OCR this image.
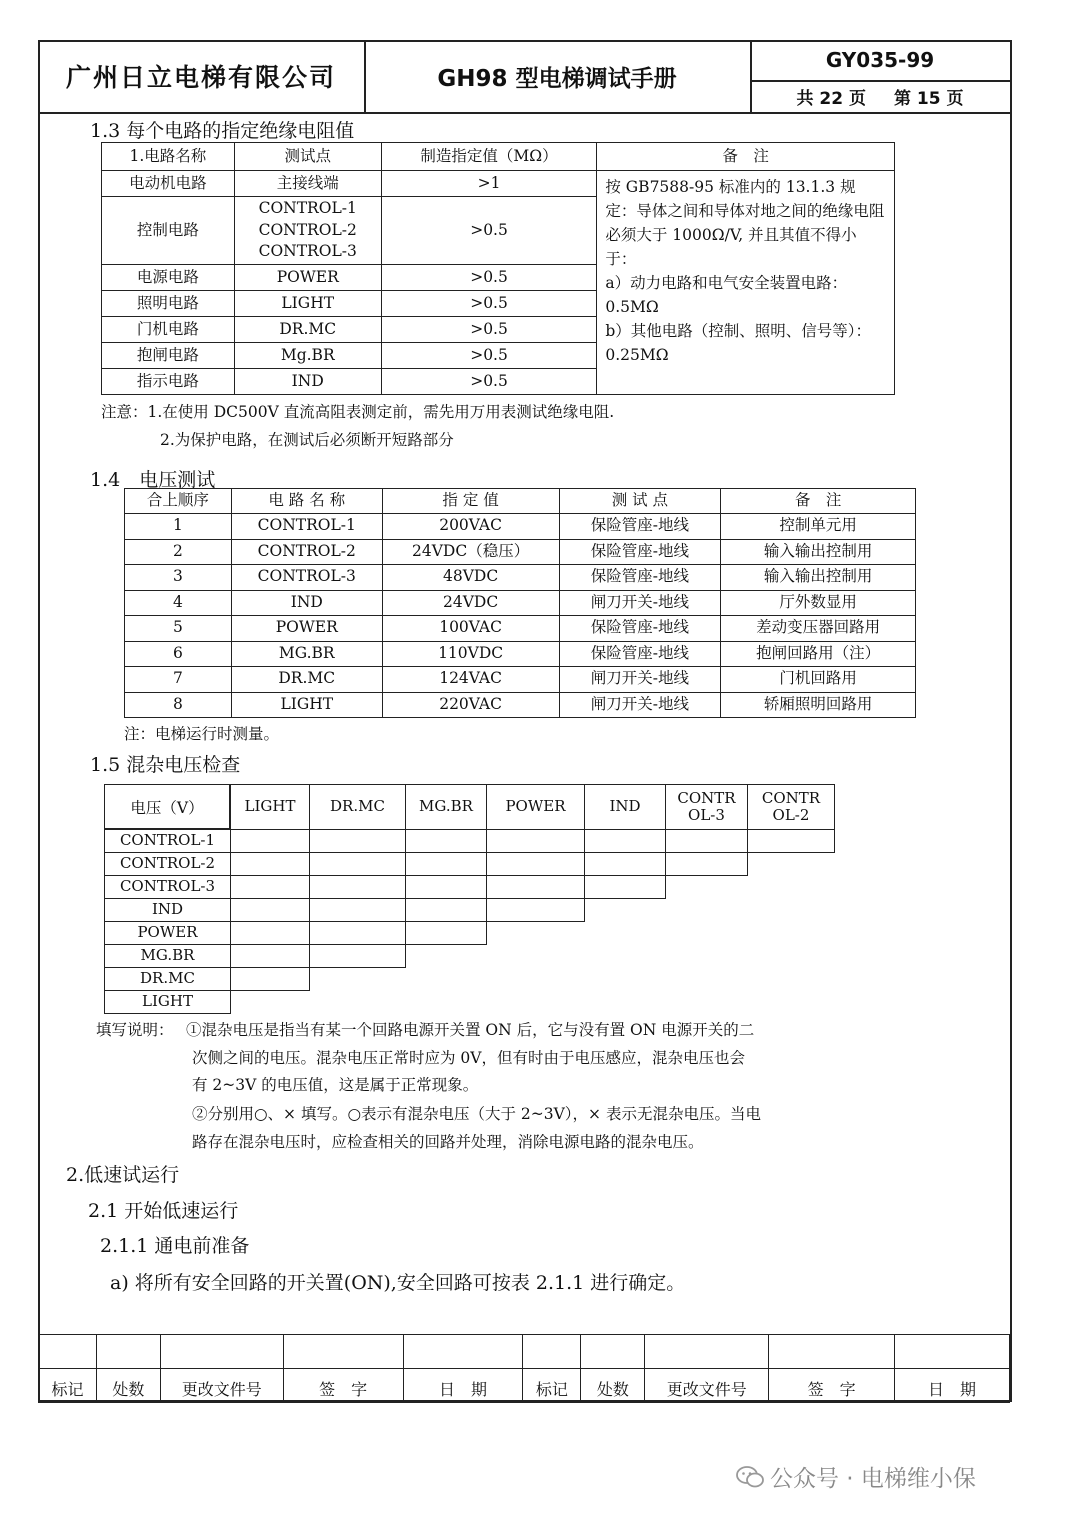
广州日立电梯有限公司	GH98 型电梯调试手册
GY035-99
共 22 页 第 15 页
1.3 每个电路的指定绝缘电阻值
1.电路名称	测试点	制造指定值（MΩ）	备　注
电动机电路	主接线端	>1	按 GB7588-95 标准内的 13.1.3 规定：导体之间和导体对地之间的绝缘电阻必须大于 1000Ω/V, 并且其值不得小于：
a）动力电路和电气安全装置电路：0.5MΩ
b）其他电路（控制、照明、信号等）：0.25MΩ
控制电路	CONTROL-1
CONTROL-2
CONTROL-3	>0.5	
电源电路	POWER	>0.5	
照明电路	LIGHT	>0.5	
门机电路	DR.MC	>0.5	
抱闸电路	Mg.BR	>0.5	
指示电路	IND	>0.5	
注意：1.在使用 DC500V 直流高阻表测定前，需先用万用表测试绝缘电阻.
2.为保护电路，在测试后必须断开短路部分
1.4　电压测试
合上顺序	电 路 名 称	指 定 值	测 试 点	备　注
1	CONTROL-1	200VAC	保险管座-地线	控制单元用
2	CONTROL-2	24VDC（稳压）	保险管座-地线	输入输出控制用
3	CONTROL-3	48VDC	保险管座-地线	输入输出控制用
4	IND	24VDC	闸刀开关-地线	厅外数显用
5	POWER	100VAC	保险管座-地线	差动变压器回路用
6	MG.BR	110VDC	保险管座-地线	抱闸回路用（注）
7	DR.MC	124VAC	闸刀开关-地线	门机回路用
8	LIGHT	220VAC	闸刀开关-地线	轿厢照明回路用
注：电梯运行时测量。
1.5 混杂电压检查
电压（V）	LIGHT	DR.MC	MG.BR	POWER	IND	CONTR
OL-3
CONTR
OL-2
CONTROL-1
CONTROL-2
CONTROL-3
IND
POWER
MG.BR
DR.MC
LIGHT
填写说明： ①混杂电压是指当有某一个回路电源开关置 ON 后，它与没有置 ON 电源开关的二
次侧之间的电压。混杂电压正常时应为 0V，但有时由于电压感应，混杂电压也会
有 2~3V 的电压值，这是属于正常现象。
②分别用○、× 填写。○表示有混杂电压（大于 2~3V），× 表示无混杂电压。当电
路存在混杂电压时，应检查相关的回路并处理，消除电源电路的混杂电压。
2.低速试运行
2.1 开始低速运行
2.1.1 通电前准备
a) 将所有安全回路的开关置(ON),安全回路可按表 2.1.1 进行确定。

标记	处数	更改文件号	签　字	日　期	标记	处数	更改文件号	签　字	日　期
公众号 · 电梯维小保
